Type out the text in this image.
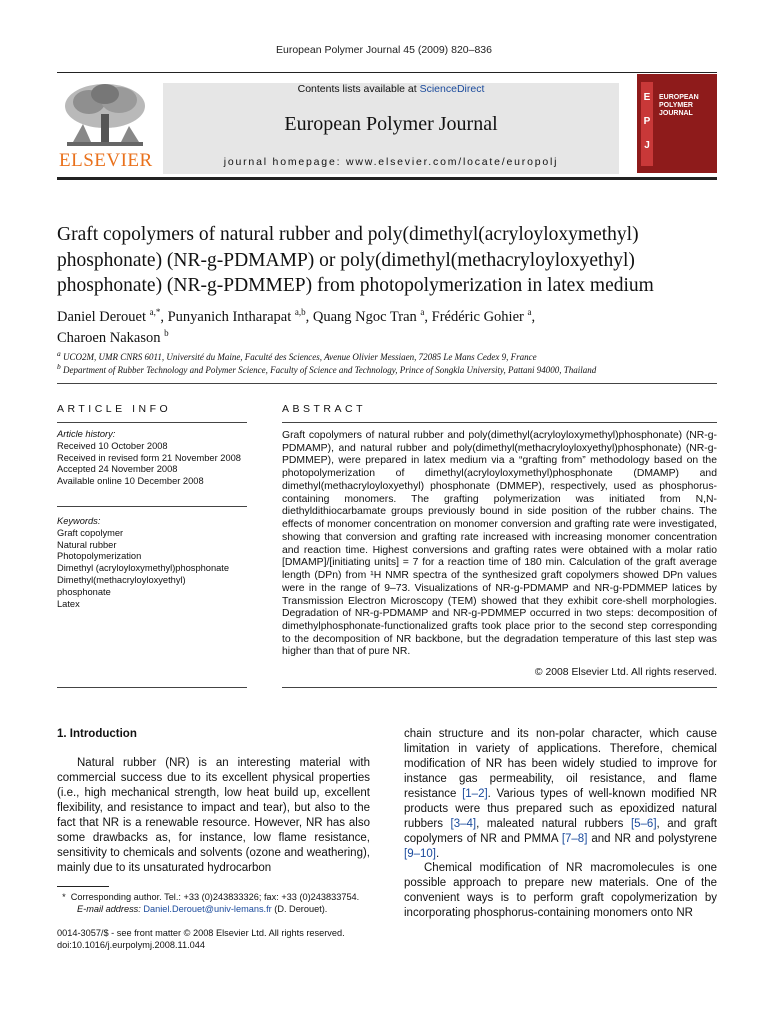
European Polymer Journal 45 (2009) 820–836
ELSEVIER
Contents lists available at ScienceDirect
European Polymer Journal
journal homepage: www.elsevier.com/locate/europolj
E
P
J
EUROPEAN POLYMER JOURNAL
Graft copolymers of natural rubber and poly(dimethyl(acryloyloxymethyl) phosphonate) (NR-g-PDMAMP) or poly(dimethyl(methacryloyloxyethyl) phosphonate) (NR-g-PDMMEP) from photopolymerization in latex medium
Daniel Derouet $^{a,*}$, Punyanich Intharapat $^{a,b}$, Quang Ngoc Tran $^a$, Frédéric Gohier $^a$,
Charoen Nakason $^b$
$^a$ UCO2M, UMR CNRS 6011, Université du Maine, Faculté des Sciences, Avenue Olivier Messiaen, 72085 Le Mans Cedex 9, France
$^b$ Department of Rubber Technology and Polymer Science, Faculty of Science and Technology, Prince of Songkla University, Pattani 94000, Thailand
ARTICLE INFO	ABSTRACT
Article history:
Received 10 October 2008
Received in revised form 21 November 2008
Accepted 24 November 2008
Available online 10 December 2008
Keywords:
Graft copolymer
Natural rubber
Photopolymerization
Dimethyl (acryloyloxymethyl)phosphonate
Dimethyl(methacryloyloxyethyl)
phosphonate
Latex
Graft copolymers of natural rubber and poly(dimethyl(acryloyloxymethyl)phosphonate) (NR-g-PDMAMP), and natural rubber and poly(dimethyl(methacryloyloxyethyl)phosphonate) (NR-g-PDMMEP), were prepared in latex medium via a “grafting from” methodology based on the photopolymerization of dimethyl(acryloyloxymethyl)phosphonate (DMAMP) and dimethyl(methacryloyloxyethyl) phosphonate (DMMEP), respectively, used as phosphorus-containing monomers. The grafting polymerization was initiated from N,N-diethyldithiocarbamate groups previously bound in side position of the rubber chains. The effects of monomer concentration on monomer conversion and grafting rate were investigated, showing that conversion and grafting rate increased with increasing monomer concentration and reaction time. Highest conversions and grafting rates were obtained with a molar ratio [DMAMP]/[initiating units] = 7 for a reaction time of 180 min. Calculation of the graft average length (DPn) from ¹H NMR spectra of the synthesized graft copolymers showed DPn values were in the range of 9–73. Visualizations of NR-g-PDMAMP and NR-g-PDMMEP latices by Transmission Electron Microscopy (TEM) showed that they exhibit core-shell morphologies. Degradation of NR-g-PDMAMP and NR-g-PDMMEP occurred in two steps: decomposition of dimethylphosphonate-functionalized grafts took place prior to the second step corresponding to the decomposition of NR backbone, but the degradation temperature of this last step was higher than that of pure NR.
© 2008 Elsevier Ltd. All rights reserved.
1. Introduction

Natural rubber (NR) is an interesting material with commercial success due to its excellent physical properties (i.e., high mechanical strength, low heat build up, excellent flexibility, and resistance to impact and tear), but also to the fact that NR is a renewable resource. However, NR has also some drawbacks as, for instance, low flame resistance, sensitivity to chemicals and solvents (ozone and weathering), mainly due to its unsaturated hydrocarbon

chain structure and its non-polar character, which cause limitation in variety of applications. Therefore, chemical modification of NR has been widely studied to improve for instance gas permeability, oil resistance, and flame resistance [1–2]. Various types of well-known modified NR products were thus prepared such as epoxidized natural rubbers [3–4], maleated natural rubbers [5–6], and graft copolymers of NR and PMMA [7–8] and NR and polystyrene [9–10].

Chemical modification of NR macromolecules is one possible approach to prepare new materials. One of the convenient ways is to perform graft copolymerization by incorporating phosphorus-containing monomers onto NR

*  Corresponding author. Tel.: +33 (0)243833326; fax: +33 (0)243833754.
E-mail address: Daniel.Derouet@univ-lemans.fr (D. Derouet).
0014-3057/$ - see front matter © 2008 Elsevier Ltd. All rights reserved.
doi:10.1016/j.eurpolymj.2008.11.044
